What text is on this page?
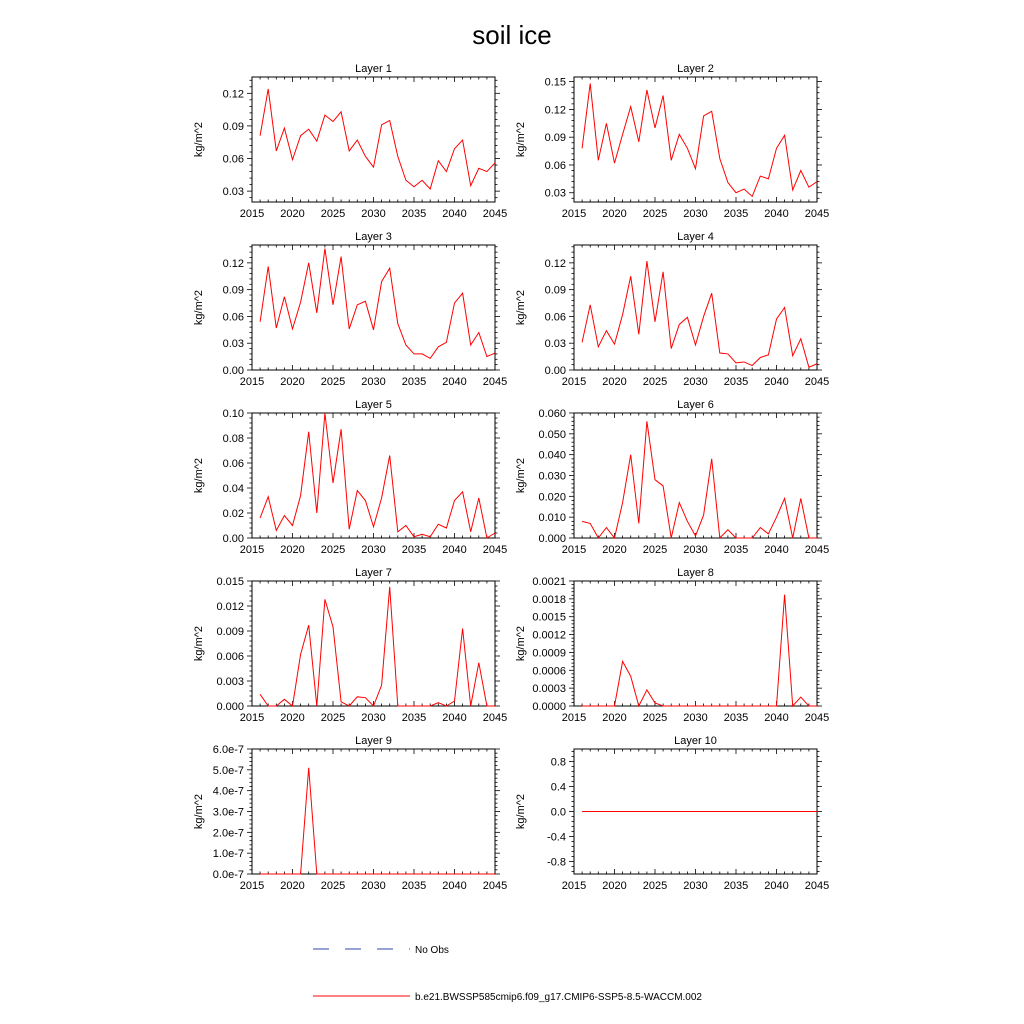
soil ice
Layer 1
kg/m^2
2015 2020 2025 2030 2035 2040 2045
0.03
0.06
0.09
0.12
Layer 2
kg/m^2
2015 2020 2025 2030 2035 2040 2045
0.03
0.06
0.09
0.12
0.15
Layer 3
kg/m^2
2015 2020 2025 2030 2035 2040 2045
0.00
0.03
0.06
0.09
0.12
Layer 4
kg/m^2
2015 2020 2025 2030 2035 2040 2045
0.00
0.03
0.06
0.09
0.12
Layer 5
kg/m^2
2015 2020 2025 2030 2035 2040 2045
0.00
0.02
0.04
0.06
0.08
0.10
Layer 6
kg/m^2
2015 2020 2025 2030 2035 2040 2045
0.000
0.010
0.020
0.030
0.040
0.050
0.060
Layer 7
kg/m^2
2015 2020 2025 2030 2035 2040 2045
0.000
0.003
0.006
0.009
0.012
0.015
Layer 8
kg/m^2
2015 2020 2025 2030 2035 2040 2045
0.0000
0.0003
0.0006
0.0009
0.0012
0.0015
0.0018
0.0021
Layer 9
kg/m^2
2015 2020 2025 2030 2035 2040 2045
0.0e-7
1.0e-7
2.0e-7
3.0e-7
4.0e-7
5.0e-7
6.0e-7
Layer 10
kg/m^2
2015 2020 2025 2030 2035 2040 2045
-0.8
-0.4
0.0
0.4
0.8
No Obs
b.e21.BWSSP585cmip6.f09_g17.CMIP6-SSP5-8.5-WACCM.002
